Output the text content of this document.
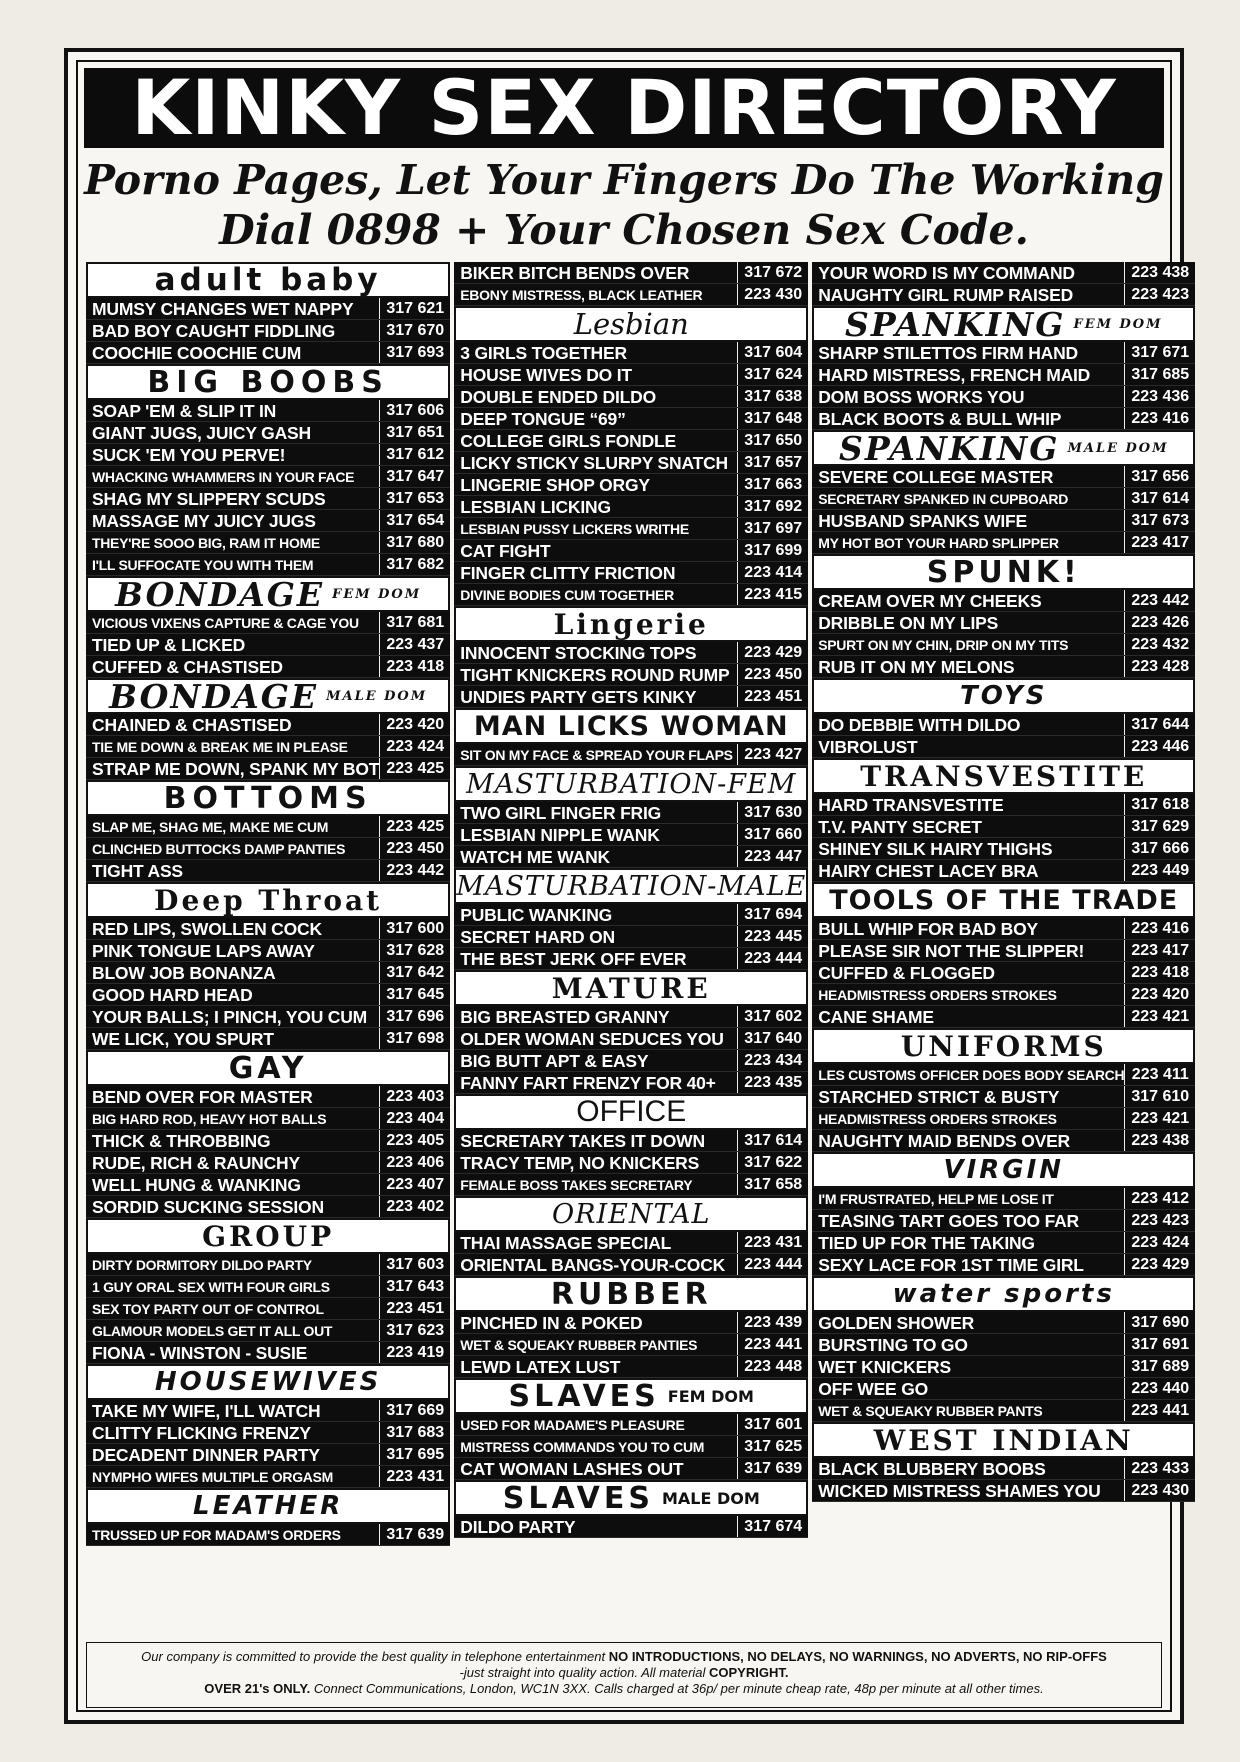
KINKY SEX DIRECTORY
Porno Pages, Let Your Fingers Do The Working
Dial 0898 + Your Chosen Sex Code.
adult baby
MUMSY CHANGES WET NAPPY	317 621
BAD BOY CAUGHT FIDDLING	317 670
COOCHIE COOCHIE CUM	317 693
BIG BOOBS
SOAP 'EM & SLIP IT IN	317 606
GIANT JUGS, JUICY GASH	317 651
SUCK 'EM YOU PERVE!	317 612
WHACKING WHAMMERS IN YOUR FACE	317 647
SHAG MY SLIPPERY SCUDS	317 653
MASSAGE MY JUICY JUGS	317 654
THEY'RE SOOO BIG, RAM IT HOME	317 680
I'LL SUFFOCATE YOU WITH THEM	317 682
BONDAGE FEM DOM
VICIOUS VIXENS CAPTURE & CAGE YOU	317 681
TIED UP & LICKED	223 437
CUFFED & CHASTISED	223 418
BONDAGE MALE DOM
CHAINED & CHASTISED	223 420
TIE ME DOWN & BREAK ME IN PLEASE	223 424
STRAP ME DOWN, SPANK MY BOT 223 425
BOTTOMS
SLAP ME, SHAG ME, MAKE ME CUM	223 425
CLINCHED BUTTOCKS DAMP PANTIES	223 450
TIGHT ASS	223 442
Deep Throat
RED LIPS, SWOLLEN COCK	317 600
PINK TONGUE LAPS AWAY	317 628
BLOW JOB BONANZA	317 642
GOOD HARD HEAD	317 645
YOUR BALLS; I PINCH, YOU CUM	317 696
WE LICK, YOU SPURT	317 698
GAY
BEND OVER FOR MASTER	223 403
BIG HARD ROD, HEAVY HOT BALLS	223 404
THICK & THROBBING	223 405
RUDE, RICH & RAUNCHY	223 406
WELL HUNG & WANKING	223 407
SORDID SUCKING SESSION	223 402
GROUP
DIRTY DORMITORY DILDO PARTY	317 603
1 GUY ORAL SEX WITH FOUR GIRLS	317 643
SEX TOY PARTY OUT OF CONTROL	223 451
GLAMOUR MODELS GET IT ALL OUT	317 623
FIONA - WINSTON - SUSIE	223 419
HOUSEWIVES
TAKE MY WIFE, I'LL WATCH	317 669
CLITTY FLICKING FRENZY	317 683
DECADENT DINNER PARTY	317 695
NYMPHO WIFES MULTIPLE ORGASM	223 431
LEATHER
TRUSSED UP FOR MADAM'S ORDERS	317 639
BIKER BITCH BENDS OVER	317 672
EBONY MISTRESS, BLACK LEATHER	223 430
Lesbian
3 GIRLS TOGETHER	317 604
HOUSE WIVES DO IT	317 624
DOUBLE ENDED DILDO	317 638
DEEP TONGUE “69”	317 648
COLLEGE GIRLS FONDLE	317 650
LICKY STICKY SLURPY SNATCH	317 657
LINGERIE SHOP ORGY	317 663
LESBIAN LICKING	317 692
LESBIAN PUSSY LICKERS WRITHE	317 697
CAT FIGHT	317 699
FINGER CLITTY FRICTION	223 414
DIVINE BODIES CUM TOGETHER	223 415
Lingerie
INNOCENT STOCKING TOPS	223 429
TIGHT KNICKERS ROUND RUMP 223 450
UNDIES PARTY GETS KINKY	223 451
MAN LICKS WOMAN
SIT ON MY FACE & SPREAD YOUR FLAPS 223 427
MASTURBATION-FEM
TWO GIRL FINGER FRIG	317 630
LESBIAN NIPPLE WANK	317 660
WATCH ME WANK	223 447
MASTURBATION-MALE
PUBLIC WANKING	317 694
SECRET HARD ON	223 445
THE BEST JERK OFF EVER	223 444
MATURE
BIG BREASTED GRANNY	317 602
OLDER WOMAN SEDUCES YOU	317 640
BIG BUTT APT & EASY	223 434
FANNY FART FRENZY FOR 40+	223 435
OFFICE
SECRETARY TAKES IT DOWN	317 614
TRACY TEMP, NO KNICKERS	317 622
FEMALE BOSS TAKES SECRETARY	317 658
ORIENTAL
THAI MASSAGE SPECIAL	223 431
ORIENTAL BANGS-YOUR-COCK	223 444
RUBBER
PINCHED IN & POKED	223 439
WET & SQUEAKY RUBBER PANTIES	223 441
LEWD LATEX LUST	223 448
SLAVES FEM DOM
USED FOR MADAME'S PLEASURE	317 601
MISTRESS COMMANDS YOU TO CUM	317 625
CAT WOMAN LASHES OUT	317 639
SLAVES MALE DOM
DILDO PARTY	317 674
YOUR WORD IS MY COMMAND	223 438
NAUGHTY GIRL RUMP RAISED	223 423
SPANKING FEM DOM
SHARP STILETTOS FIRM HAND	317 671
HARD MISTRESS, FRENCH MAID	317 685
DOM BOSS WORKS YOU	223 436
BLACK BOOTS & BULL WHIP	223 416
SPANKING MALE DOM
SEVERE COLLEGE MASTER	317 656
SECRETARY SPANKED IN CUPBOARD	317 614
HUSBAND SPANKS WIFE	317 673
MY HOT BOT YOUR HARD SPLIPPER	223 417
SPUNK!
CREAM OVER MY CHEEKS	223 442
DRIBBLE ON MY LIPS	223 426
SPURT ON MY CHIN, DRIP ON MY TITS	223 432
RUB IT ON MY MELONS	223 428
TOYS
DO DEBBIE WITH DILDO	317 644
VIBROLUST	223 446
TRANSVESTITE
HARD TRANSVESTITE	317 618
T.V. PANTY SECRET	317 629
SHINEY SILK HAIRY THIGHS	317 666
HAIRY CHEST LACEY BRA	223 449
TOOLS OF THE TRADE
BULL WHIP FOR BAD BOY	223 416
PLEASE SIR NOT THE SLIPPER!	223 417
CUFFED & FLOGGED	223 418
HEADMISTRESS ORDERS STROKES	223 420
CANE SHAME	223 421
UNIFORMS
LES CUSTOMS OFFICER DOES BODY SEARCH 223 411
STARCHED STRICT & BUSTY	317 610
HEADMISTRESS ORDERS STROKES	223 421
NAUGHTY MAID BENDS OVER	223 438
VIRGIN
I'M FRUSTRATED, HELP ME LOSE IT	223 412
TEASING TART GOES TOO FAR	223 423
TIED UP FOR THE TAKING	223 424
SEXY LACE FOR 1ST TIME GIRL	223 429
water sports
GOLDEN SHOWER	317 690
BURSTING TO GO	317 691
WET KNICKERS	317 689
OFF WEE GO	223 440
WET & SQUEAKY RUBBER PANTS	223 441
WEST INDIAN
BLACK BLUBBERY BOOBS	223 433
WICKED MISTRESS SHAMES YOU	223 430
Our company is committed to provide the best quality in telephone entertainment NO INTRODUCTIONS, NO DELAYS, NO WARNINGS, NO ADVERTS, NO RIP-OFFS
-just straight into quality action. All material COPYRIGHT.
OVER 21's ONLY. Connect Communications, London, WC1N 3XX. Calls charged at 36p/ per minute cheap rate, 48p per minute at all other times.
